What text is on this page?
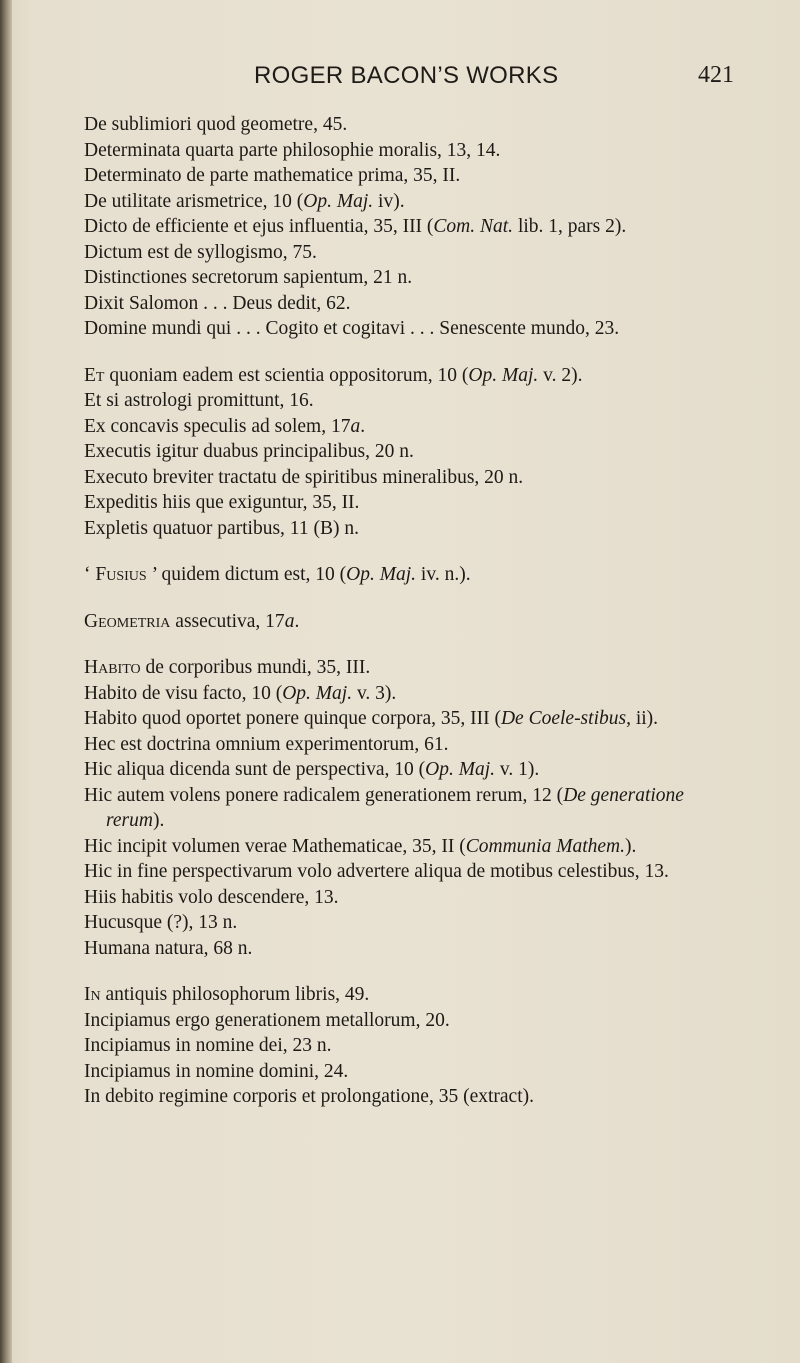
ROGER BACON’S WORKS	421

De sublimiori quod geometre, 45.

Determinata quarta parte philosophie moralis, 13, 14.

Determinato de parte mathematice prima, 35, II.

De utilitate arismetrice, 10 (Op. Maj. iv).

Dicto de efficiente et ejus influentia, 35, III (Com. Nat. lib. 1, pars 2).

Dictum est de syllogismo, 75.

Distinctiones secretorum sapientum, 21 n.

Dixit Salomon . . . Deus dedit, 62.

Domine mundi qui . . . Cogito et cogitavi . . . Senescente mundo, 23.

Et quoniam eadem est scientia oppositorum, 10 (Op. Maj. v. 2).

Et si astrologi promittunt, 16.

Ex concavis speculis ad solem, 17a.

Executis igitur duabus principalibus, 20 n.

Executo breviter tractatu de spiritibus mineralibus, 20 n.

Expeditis hiis que exiguntur, 35, II.

Expletis quatuor partibus, 11 (B) n.

‘ Fusius ’ quidem dictum est, 10 (Op. Maj. iv. n.).

Geometria assecutiva, 17a.

Habito de corporibus mundi, 35, III.

Habito de visu facto, 10 (Op. Maj. v. 3).

Habito quod oportet ponere quinque corpora, 35, III (De Coele-stibus, ii).

Hec est doctrina omnium experimentorum, 61.

Hic aliqua dicenda sunt de perspectiva, 10 (Op. Maj. v. 1).

Hic autem volens ponere radicalem generationem rerum, 12 (De generatione rerum).

Hic incipit volumen verae Mathematicae, 35, II (Communia Mathem.).

Hic in fine perspectivarum volo advertere aliqua de motibus celestibus, 13.

Hiis habitis volo descendere, 13.

Hucusque (?), 13 n.

Humana natura, 68 n.

In antiquis philosophorum libris, 49.

Incipiamus ergo generationem metallorum, 20.

Incipiamus in nomine dei, 23 n.

Incipiamus in nomine domini, 24.

In debito regimine corporis et prolongatione, 35 (extract).
